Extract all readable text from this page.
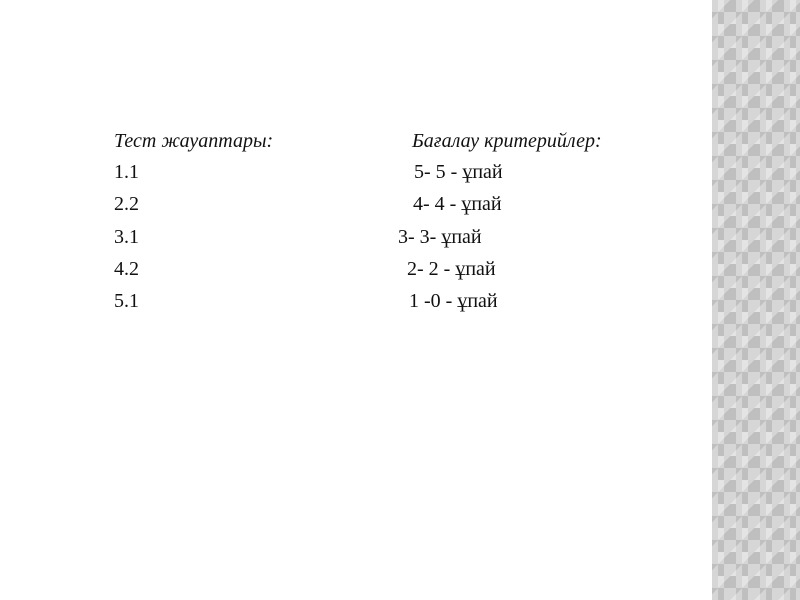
Тест жауаптары:	Бағалау критерийлер:
1.1
2.2
3.1
4.2
5.1
5- 5 - ұпай
4- 4 - ұпай
3- 3- ұпай
2- 2 - ұпай
1 -0 - ұпай
